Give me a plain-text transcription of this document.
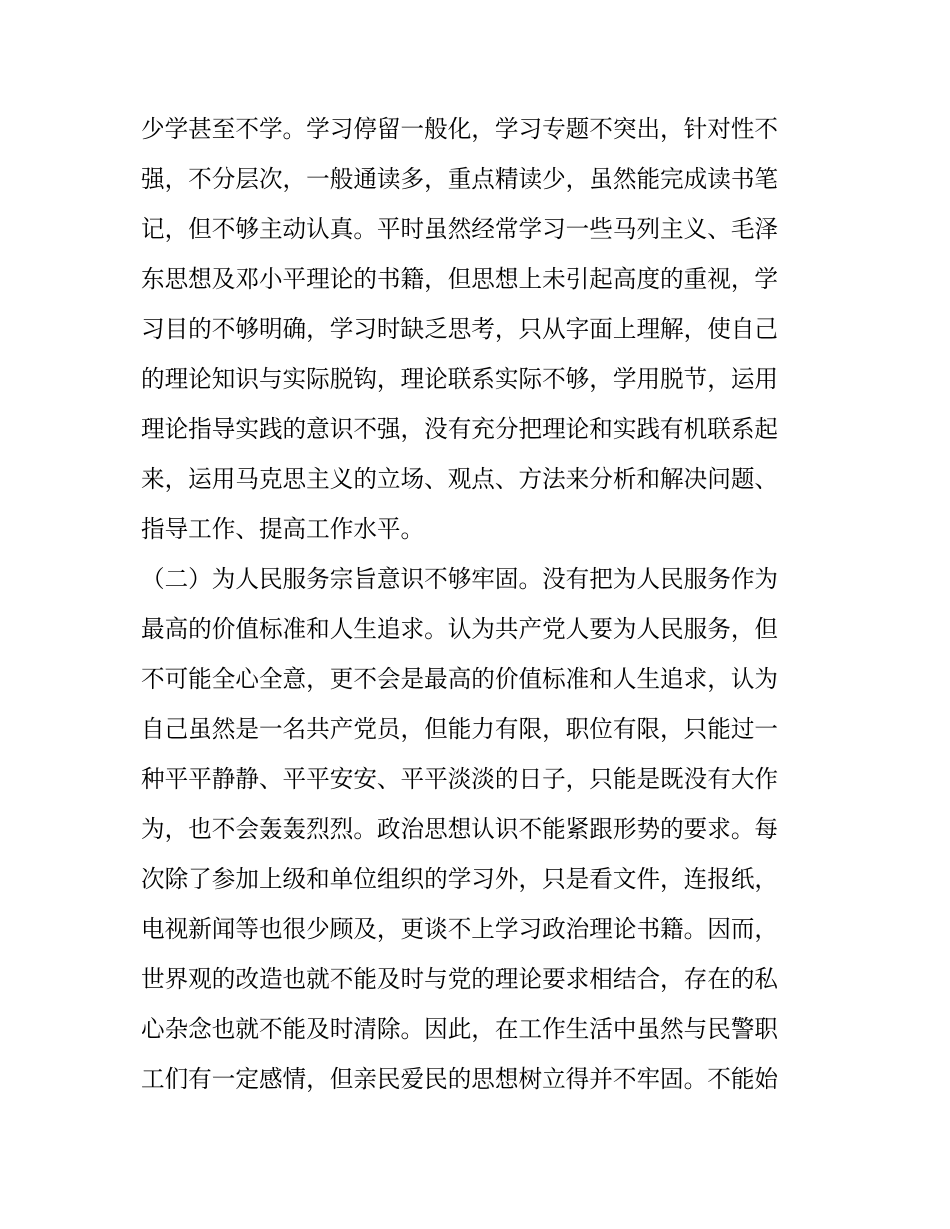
少学甚至不学。学习停留一般化，学习专题不突出，针对性不
强，不分层次，一般通读多，重点精读少，虽然能完成读书笔
记，但不够主动认真。平时虽然经常学习一些马列主义、毛泽
东思想及邓小平理论的书籍，但思想上未引起高度的重视，学
习目的不够明确，学习时缺乏思考，只从字面上理解，使自己
的理论知识与实际脱钩，理论联系实际不够，学用脱节，运用
理论指导实践的意识不强，没有充分把理论和实践有机联系起
来，运用马克思主义的立场、观点、方法来分析和解决问题、
指导工作、提高工作水平。
（二）为人民服务宗旨意识不够牢固。没有把为人民服务作为
最高的价值标准和人生追求。认为共产党人要为人民服务，但
不可能全心全意，更不会是最高的价值标准和人生追求，认为
自己虽然是一名共产党员，但能力有限，职位有限，只能过一
种平平静静、平平安安、平平淡淡的日子，只能是既没有大作
为，也不会轰轰烈烈。政治思想认识不能紧跟形势的要求。每
次除了参加上级和单位组织的学习外，只是看文件，连报纸，
电视新闻等也很少顾及，更谈不上学习政治理论书籍。因而，
世界观的改造也就不能及时与党的理论要求相结合，存在的私
心杂念也就不能及时清除。因此，在工作生活中虽然与民警职
工们有一定感情，但亲民爱民的思想树立得并不牢固。不能始
